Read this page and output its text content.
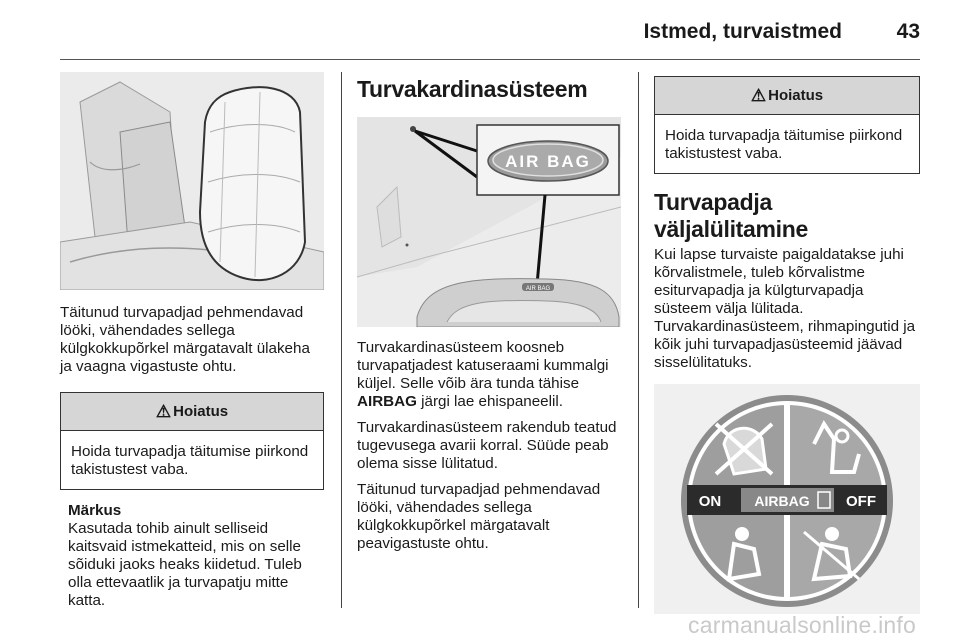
Istmed, turvaistmed	43

Täitunud turvapadjad pehmendavad lööki, vähendades sellega külgkokkupõrkel märgatavalt ülakeha ja vaagna vigastuste ohtu.

⚠ Hoiatus
Hoida turvapadja täitumise piirkond takistustest vaba.

Märkus

Kasutada tohib ainult selliseid kaitsvaid istmekatteid, mis on selle sõiduki jaoks heaks kiidetud. Tuleb olla ettevaatlik ja turvapatju mitte katta.

Turvakardinasüsteem
AIR BAG
AIR BAG

Turvakardinasüsteem koosneb turvapatjadest katuseraami kummalgi küljel. Selle võib ära tunda tähise AIRBAG järgi lae ehispaneelil.

Turvakardinasüsteem rakendub teatud tugevusega avarii korral. Süüde peab olema sisse lülitatud.

Täitunud turvapadjad pehmendavad lööki, vähendades sellega külgkokkupõrkel märgatavalt peavigastuste ohtu.

⚠ Hoiatus
Hoida turvapadja täitumise piirkond takistustest vaba.
Turvapadja väljalülitamine

Kui lapse turvaiste paigaldatakse juhi kõrvalistmele, tuleb kõrvalistme esiturvapadja ja külgturvapadja süsteem välja lülitada. Turvakardinasüsteem, rihmapingutid ja kõik juhi turvapadjasüsteemid jäävad sisselülitatuks.

ON AIRBAG OFF
carmanualsonline.info
